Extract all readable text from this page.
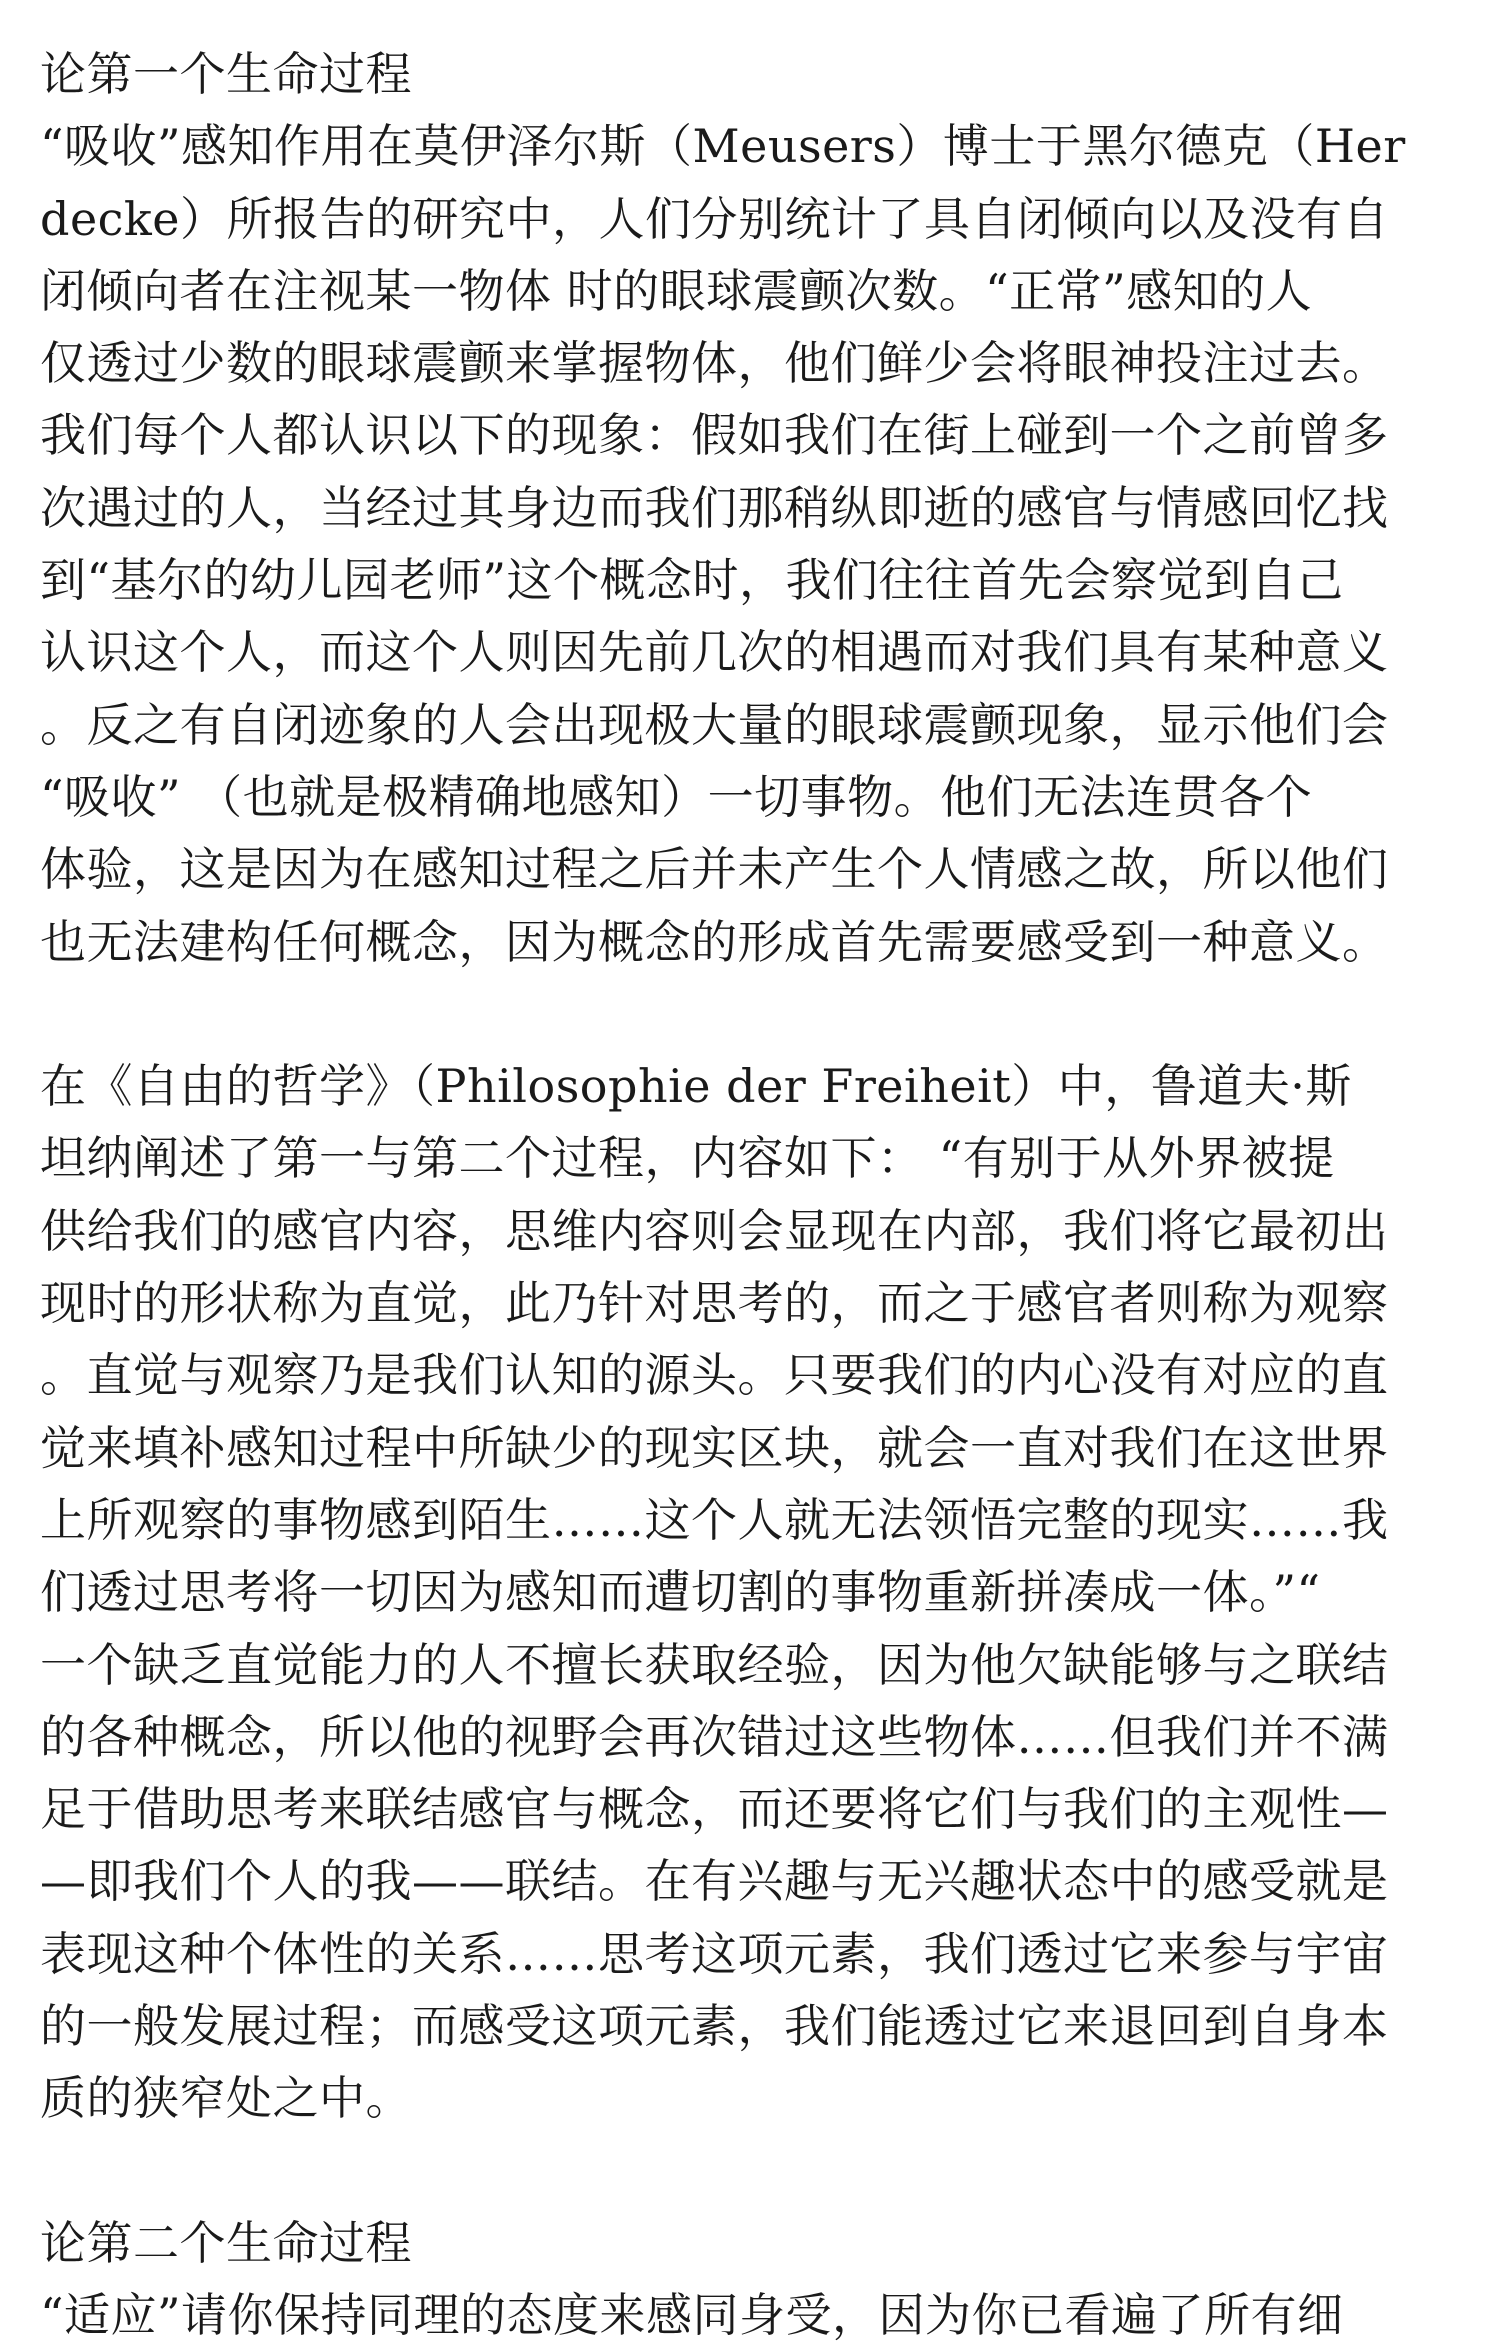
论第一个生命过程
“吸收”感知作用在莫伊泽尔斯（Meusers）博士于黑尔德克（Her
decke）所报告的研究中，人们分别统计了具自闭倾向以及没有自
闭倾向者在注视某一物体 时的眼球震颤次数。“正常”感知的人
仅透过少数的眼球震颤来掌握物体，他们鲜少会将眼神投注过去。
我们每个人都认识以下的现象：假如我们在街上碰到一个之前曾多
次遇过的人，当经过其身边而我们那稍纵即逝的感官与情感回忆找
到“基尔的幼儿园老师”这个概念时，我们往往首先会察觉到自己
认识这个人，而这个人则因先前几次的相遇而对我们具有某种意义
。反之有自闭迹象的人会出现极大量的眼球震颤现象，显示他们会
“吸收” （也就是极精确地感知）一切事物。他们无法连贯各个
体验，这是因为在感知过程之后并未产生个人情感之故，所以他们
也无法建构任何概念，因为概念的形成首先需要感受到一种意义。
在《自由的哲学》（Philosophie der Freiheit）中，鲁道夫·斯
坦纳阐述了第一与第二个过程，内容如下： “有别于从外界被提
供给我们的感官内容，思维内容则会显现在内部，我们将它最初出
现时的形状称为直觉，此乃针对思考的，而之于感官者则称为观察
。直觉与观察乃是我们认知的源头。只要我们的内心没有对应的直
觉来填补感知过程中所缺少的现实区块，就会一直对我们在这世界
上所观察的事物感到陌生……这个人就无法领悟完整的现实……我
们透过思考将一切因为感知而遭切割的事物重新拼凑成一体。”“
一个缺乏直觉能力的人不擅长获取经验，因为他欠缺能够与之联结
的各种概念，所以他的视野会再次错过这些物体……但我们并不满
足于借助思考来联结感官与概念，而还要将它们与我们的主观性—
—即我们个人的我——联结。在有兴趣与无兴趣状态中的感受就是
表现这种个体性的关系……思考这项元素，我们透过它来参与宇宙
的一般发展过程；而感受这项元素，我们能透过它来退回到自身本
质的狭窄处之中。
论第二个生命过程
“适应”请你保持同理的态度来感同身受，因为你已看遍了所有细
